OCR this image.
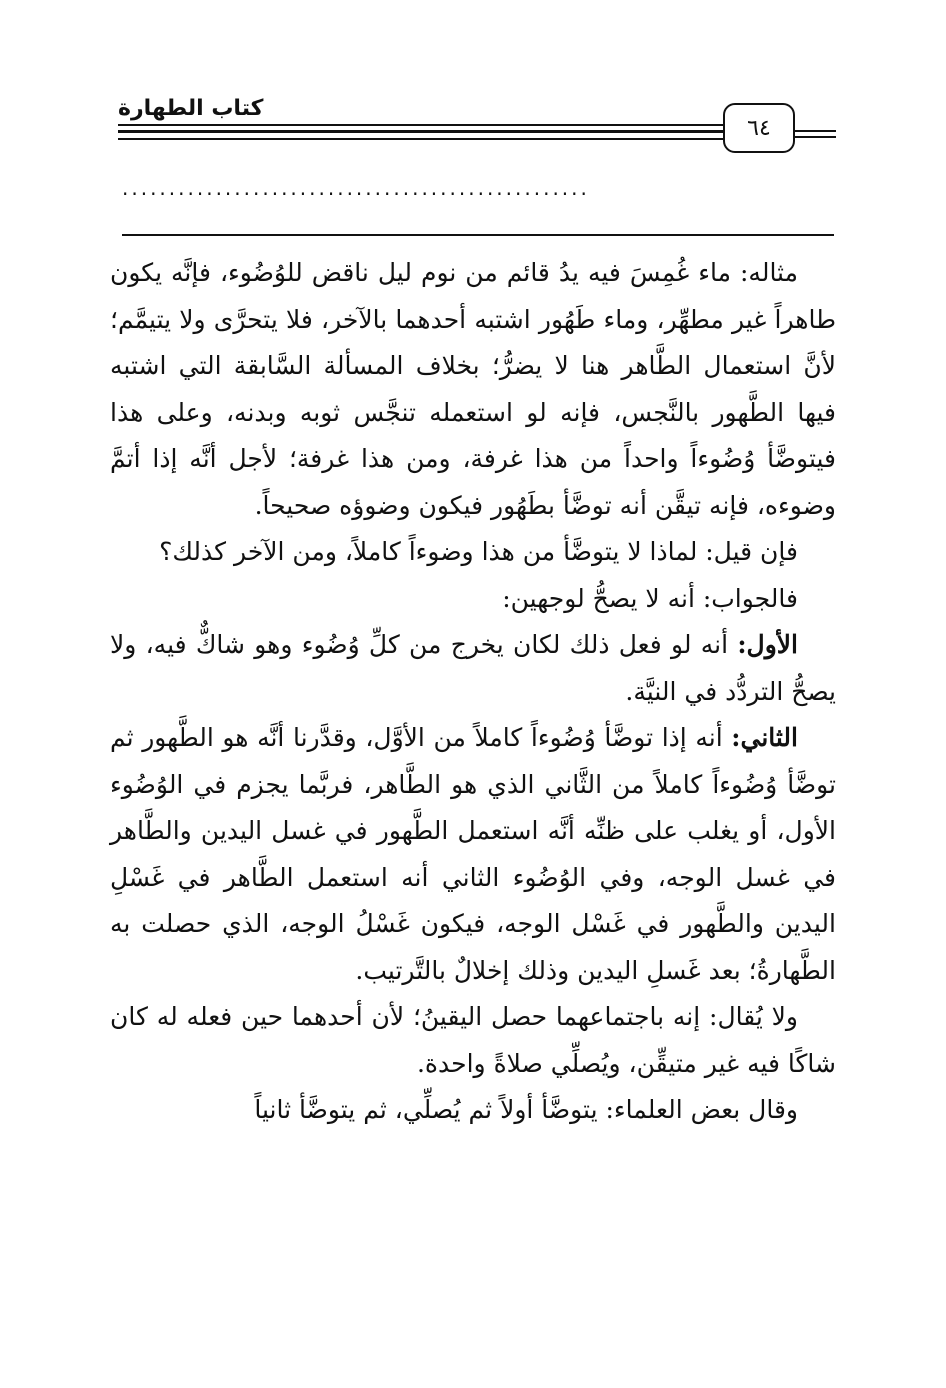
كتاب الطهارة
٦٤
..................................................

مثاله: ماء غُمِسَ فيه يدُ قائم من نوم ليل ناقض للوُضُوء، فإنَّه يكون طاهراً غير مطهِّر، وماء طَهُور اشتبه أحدهما بالآخر، فلا يتحرَّى ولا يتيمَّم؛ لأنَّ استعمال الطَّاهر هنا لا يضرُّ؛ بخلاف المسألة السَّابقة التي اشتبه فيها الطَّهور بالنَّجس، فإنه لو استعمله تنجَّس ثوبه وبدنه، وعلى هذا فيتوضَّأ وُضُوءاً واحداً من هذا غرفة، ومن هذا غرفة؛ لأجل أنَّه إذا أتمَّ وضوءه، فإنه تيقَّن أنه توضَّأ بطَهُور فيكون وضوؤه صحيحاً.

فإن قيل: لماذا لا يتوضَّأ من هذا وضوءاً كاملاً، ومن الآخر كذلك؟

فالجواب: أنه لا يصحُّ لوجهين:

الأول: أنه لو فعل ذلك لكان يخرج من كلِّ وُضُوء وهو شاكٌّ فيه، ولا يصحُّ التردُّد في النيَّة.

الثاني: أنه إذا توضَّأ وُضُوءاً كاملاً من الأوَّل، وقدَّرنا أنَّه هو الطَّهور ثم توضَّأ وُضُوءاً كاملاً من الثَّاني الذي هو الطَّاهر، فربَّما يجزم في الوُضُوء الأول، أو يغلب على ظنِّه أنَّه استعمل الطَّهور في غسل اليدين والطَّاهر في غسل الوجه، وفي الوُضُوء الثاني أنه استعمل الطَّاهر في غَسْلِ اليدين والطَّهور في غَسْل الوجه، فيكون غَسْلُ الوجه، الذي حصلت به الطَّهارةُ؛ بعد غَسلِ اليدين وذلك إخلالٌ بالتَّرتيب.

ولا يُقال: إنه باجتماعهما حصل اليقينُ؛ لأن أحدهما حين فعله له كان شاكًا فيه غير متيقِّن، ويُصلِّي صلاةً واحدة.

وقال بعض العلماء: يتوضَّأ أولاً ثم يُصلِّي، ثم يتوضَّأ ثانياً
